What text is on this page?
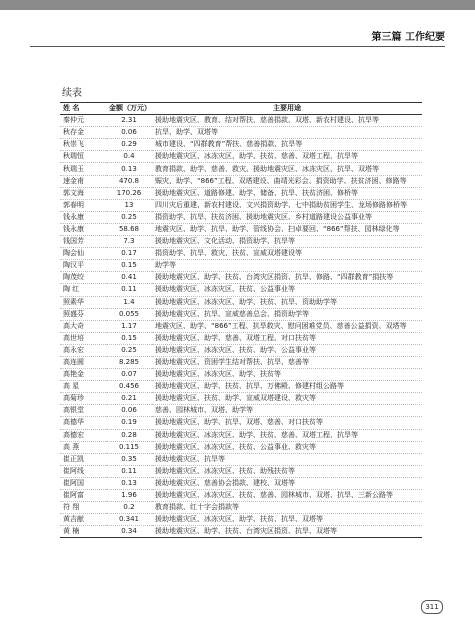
第三篇 工作纪要
续表
姓 名	金额（万元）	主要用途
秦仲元	2.31	援助地震灾区、教育、结对帮扶、慈善捐款、双塔、新农村建设、抗旱等
秋存金	0.06	抗旱、助学、双塔等
秋崇飞	0.29	城市建设、“四群教育”帮扶、慈善捐款、抗旱等
秋瑞恒	0.4	援助地震灾区、冰冻灾区、助学、扶贫、慈善、双塔工程、抗旱等
秋瑞玉	0.13	教育捐款、助学、慈善、救灾、援助地震灾区、冰冻灾区、抗旱、双塔等
速金甫	470.8	赈灾、助学、“866”工程、双塔建设、曲靖光彩会、捐资助学、扶贫济困、修路等
郭文海	170.26	援助地震灾区、道路修建、助学、储备、抗旱、扶贫济困、修桥等
郭春明	13	四川灾后重建、新农村建设、文兴捐资助学、七中捐助贫困学生、龙场修路修桥等
钱永康	0.25	捐资助学、抗旱、扶贫济困、援助地震灾区、乡村道路建设公益事业等
钱永康	58.68	地震灾区、助学、抗旱、助学、管线协会、扫卓要回、“866”帮扶、园林绿化等
钱国芳	7.3	援助地震灾区、文化活动、捐资助学、抗旱等
陶会仙	0.17	捐资助学、抗旱、救灾、扶贫、宣威双塔建设等
陶汉平	0.15	助学等
陶茂绞	0.41	援助地震灾区、助学、扶贫、台湾灾区捐资、抗旱、修路、“四群教育”捐扶等
陶 红	0.11	援助地震灾区、冰冻灾区、扶贫、公益事业等
照素华	1.4	援助地震灾区、冰冻灾区、助学、扶贫、抗旱、资助助学等
照盛芬	0.055	援助地震灾区、抗旱、宣威慈善总会、捐资助学等
高大奇	1.17	地震灾区、助学、“866”工程、抗旱救灾、慰问困难党员、慈善公益捐资、双塔等
高世培	0.15	援助地震灾区、助学、慈善、双塔工程、对口扶贫等
高永宏	0.25	援助地震灾区、冰冻灾区、扶贫、助学、公益事业等
高连圆	8.285	援助地震灾区、资困学生结对帮扶、抗旱、慈善等
高艳金	0.07	援助地震灾区、冰冻灾区、助学、扶贫等
高 星	0.456	援助地震灾区、助学、扶贫、抗旱、万佛殿、修建村组公路等
高菊珍	0.21	援助地震灾区、扶贫、助学、宣威双塔建设、救灾等
高银堂	0.06	慈善、园林城市、双塔、助学等
高德华	0.19	援助地震灾区、助学、抗旱、双塔、慈善、对口扶贫等
高德宏	0.28	援助地震灾区、冰冻灾区、助学、扶贫、慈善、双塔工程、抗旱等
高 燕	0.115	援助地震灾区、冰冻灾区、扶贫、公益事业、救灾等
崔正凯	0.35	援助地震灾区、抗旱等
崔阿线	0.11	援助地震灾区、冰冻灾区、扶贫、助残扶贫等
崔阿国	0.13	援助地震灾区、慈善协会捐款、建校、双塔等
崔阿富	1.96	援助地震灾区、冰冻灾区、扶贫、慈善、园林城市、双塔、抗旱、三新公路等
符 翔	0.2	教育捐款、红十字会捐款等
黄吉献	0.341	援助地震灾区、冰冻灾区、助学、扶贫、抗旱、双塔等
黄 楠	0.34	援助地震灾区、助学、扶贫、台湾灾区捐资、抗旱、双塔等
311
